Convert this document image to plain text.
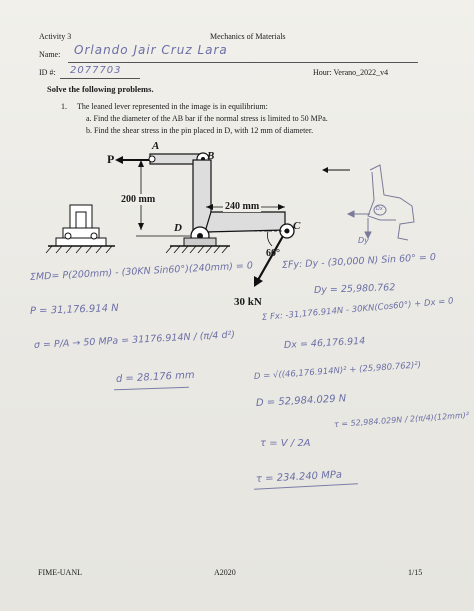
Activity 3	Mechanics of Materials
Name: Orlando Jair Cruz Lara
ID #: 2077703	Hour: Verano_2022_v4
Solve the following problems.
1. The leaned lever represented in the image is in equilibrium:
a. Find the diameter of the AB bar if the normal stress is limited to 50 MPa.
b. Find the shear stress in the pin placed in D, with 12 mm of diameter.
P
A
B
C
D
200 mm
240 mm
60°
30 kN
Dx
Dy
ΣMD= P(200mm) - (30KN Sin60°)(240mm) = 0	ΣFy: Dy - (30,000 N) Sin 60° = 0
Dy = 25,980.762
P = 31,176.914 N	Σ Fx: -31,176.914N - 30KN(Cos60°) + Dx = 0
Dx = 46,176.914
σ = P/A → 50 MPa = 31176.914N / (π/4 d²)
d = 28.176 mm	D = √((46,176.914N)² + (25,980.762)²)
D = 52,984.029 N
τ = V / 2A
τ = 52,984.029N / 2(π/4)(12mm)²
τ = 234.240 MPa
FIME-UANL	A2020	1/15
